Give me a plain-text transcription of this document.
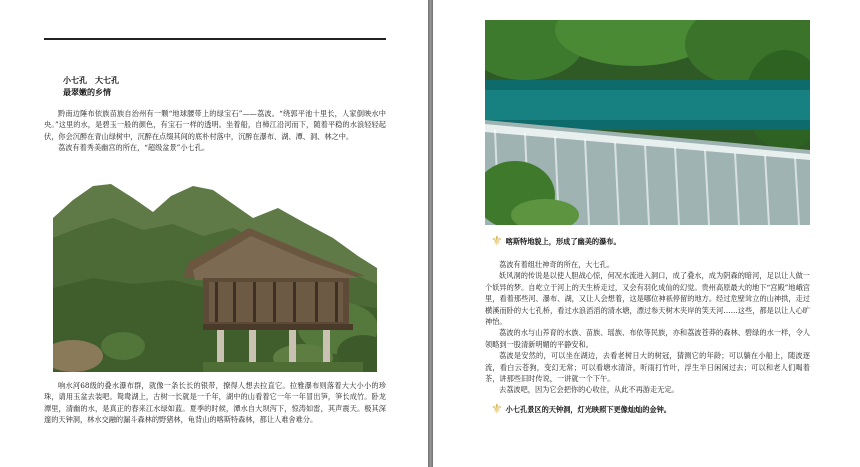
小七孔　大七孔
最翠嫩的乡情

黔南边陲布依族苗族自治州有一颗“地球腰带上的绿宝石”——荔波。“绕郭平池十里长，人家倒映水中央。”这里的水，是碧玉一般的颜色，有宝石一样的透明。坐着船，自樟江沿河而下，随着平稳的水浪轻轻起伏，你会沉醉在青山绿树中，沉醉在点缀其间的底朴村落中，沉醉在瀑布、湖、潭、洞、林之中。

荔波有着秀美幽宫的所在，“超级盆景”小七孔。

响水河68级的叠水瀑布群，就像一条长长的银带，撩得人想去拉直它。拉雅瀑布则落着大大小小的珍珠，请用玉盆去装吧。鸳鸯湖上，古树一长就是一千年，湖中的山看着它一年一年冒出笋，笋长成竹。卧龙潭里，清幽的水，是真正的春来江水绿如蓝。夏季的时候，潭水自大坝泻下，惊涛如雷，其声震天。极其深邃的天钟洞，林水交融的漏斗森林的野猪林，龟背山的喀斯特森林，都让人难舍难分。

⚜ 喀斯特地貌上，形成了幽美的瀑布。

荔波有着组壮神奇的所在，大七孔。

妖风洞的传说是以使人胆战心惊，何况水流进入洞口，成了叠水，成为阴森的暗河，足以让人做一个妖异的梦。自屹立于河上的天生桥走过，又会有羽化成仙的幻觉。贵州高原最大的地下“宫殿”地峨宫里，看着那些河、瀑布、湖，又让人会想着，这是哪位神祇停留的地方。经过危壁耸立的山神拱，走过横溪而卧的大七孔桥，看过水浪滔滔的清水塘，漂过参天树木夹岸的笑天河……这些，都是以让人心旷神怡。

荔波的水与山养育的水族、苗族、瑶族、布依等民族，亦和荔波苍莽的森林、碧绿的水一样，令人领略到一股清新明媚的平静安和。

荔波是安然的，可以坐在湖边，去看老树日大的树冠，猜测它的年龄；可以躺在小船上，随波逐流，看白云苍狗，变幻无常；可以看塘水清浒，听雨打竹叶，浮生半日闲闲过去；可以和老人们喝着茶，讲那些旧时传说，一讲就一个下午。

去荔波吧，因为它会把你的心收住，从此不再游走无定。

⚜ 小七孔景区的天钟洞，灯光映照下更像灿灿的金钟。
